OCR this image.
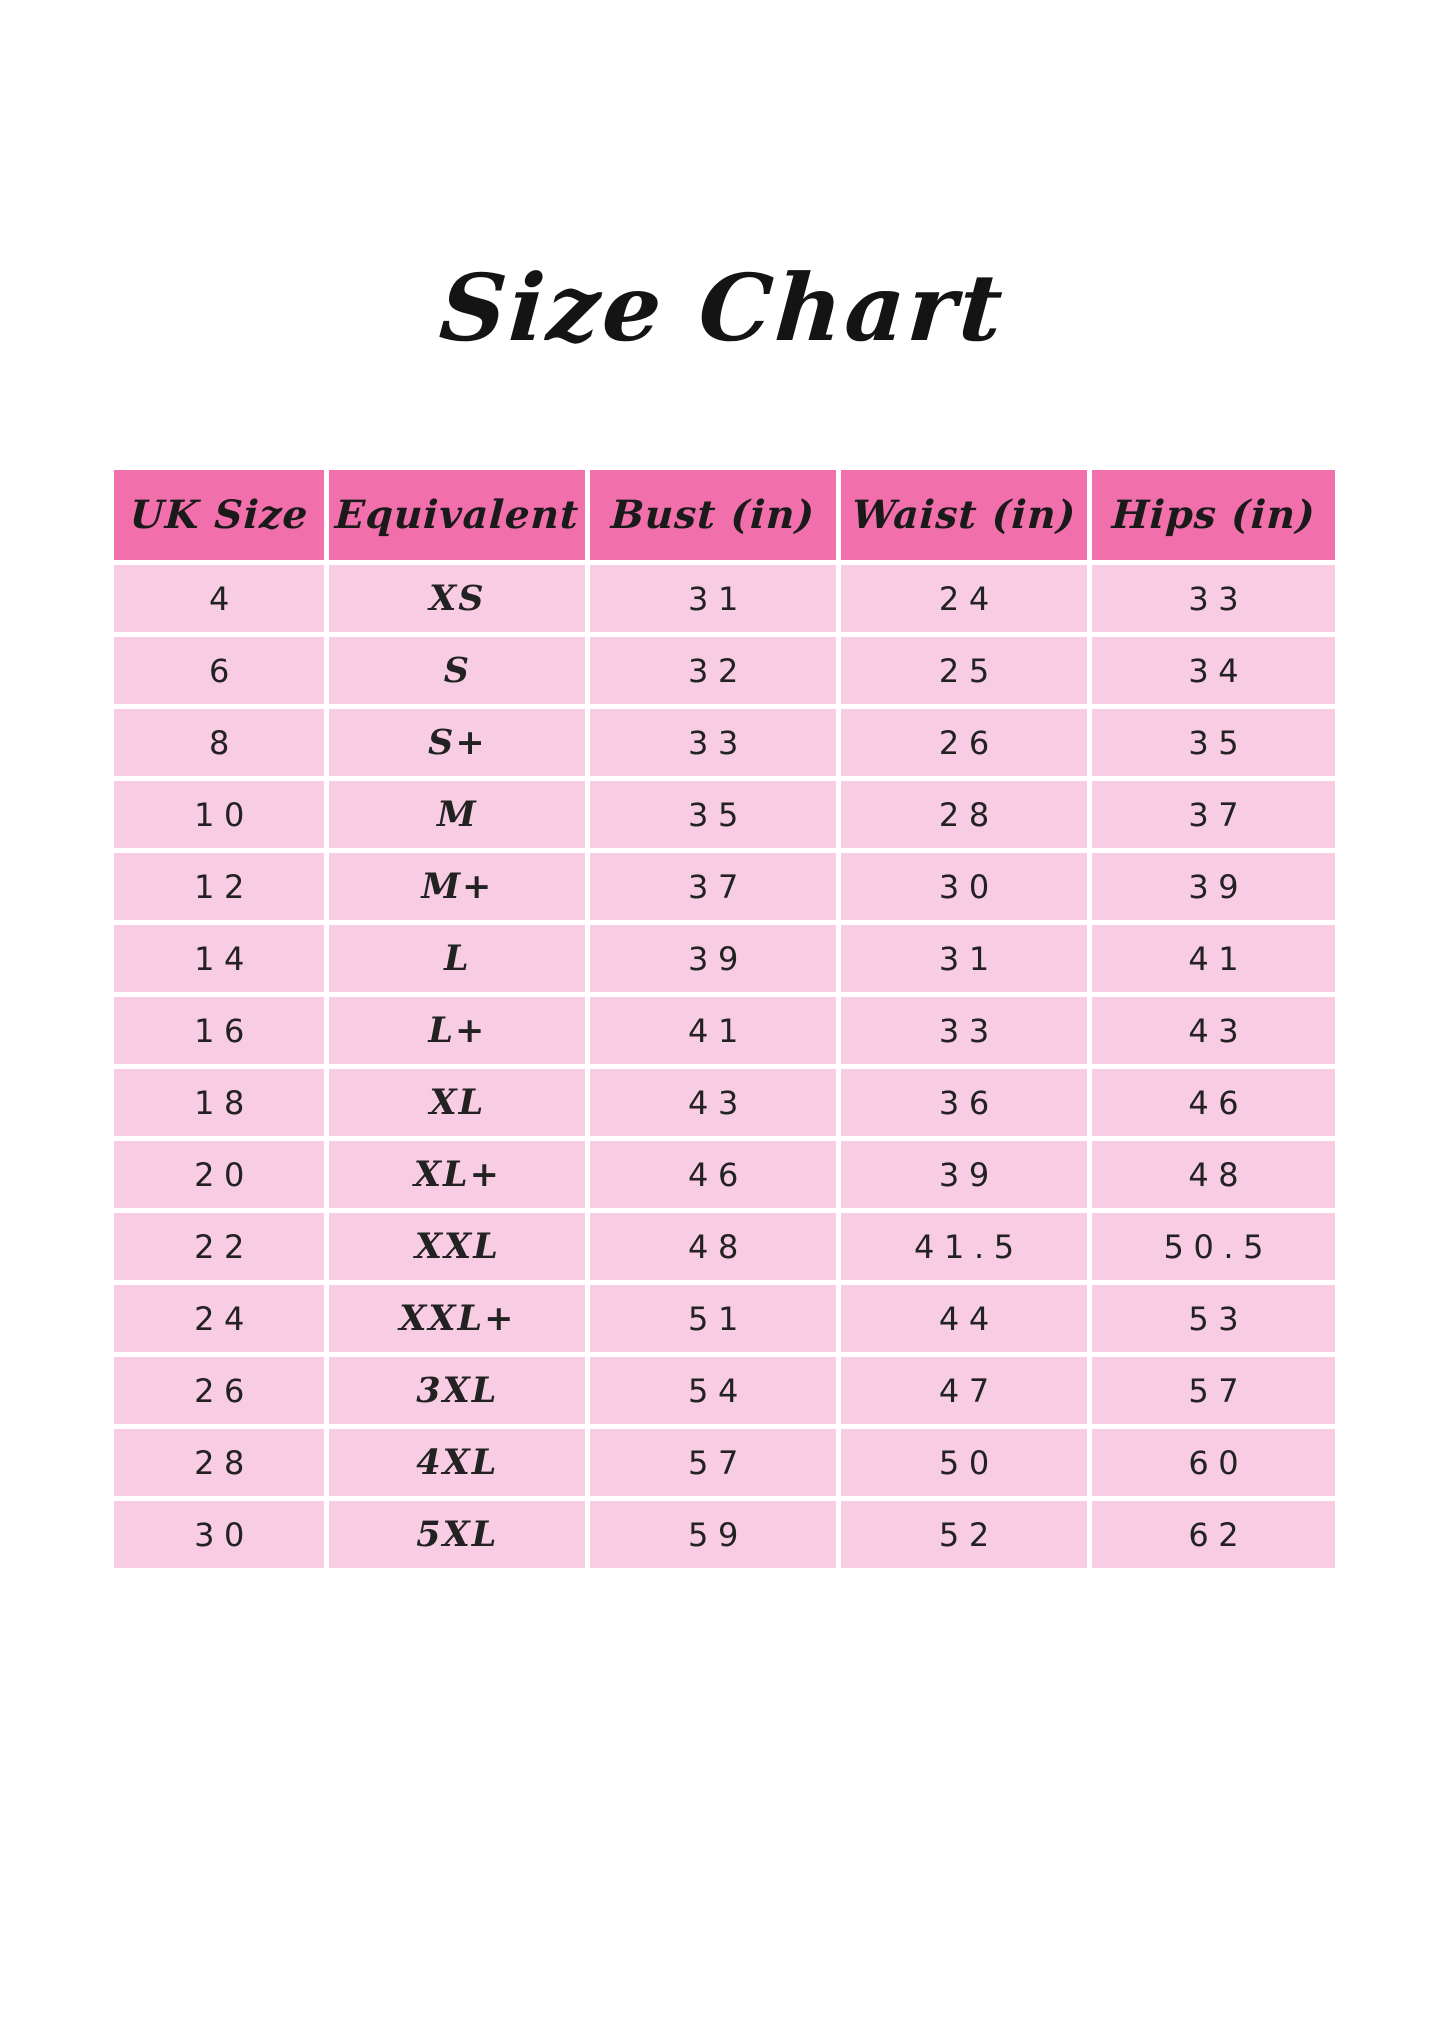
Size Chart
UK Size Equivalent Bust (in) Waist (in) Hips (in)
4	XS	31	24	33
6	S	32	25	34
8	S+	33	26	35
10	M	35	28	37
12	M+	37	30	39
14	L	39	31	41
16	L+	41	33	43
18	XL	43	36	46
20	XL+	46	39	48
22	XXL	48	41.5	50.5
24	XXL+	51	44	53
26	3XL	54	47	57
28	4XL	57	50	60
30	5XL	59	52	62
